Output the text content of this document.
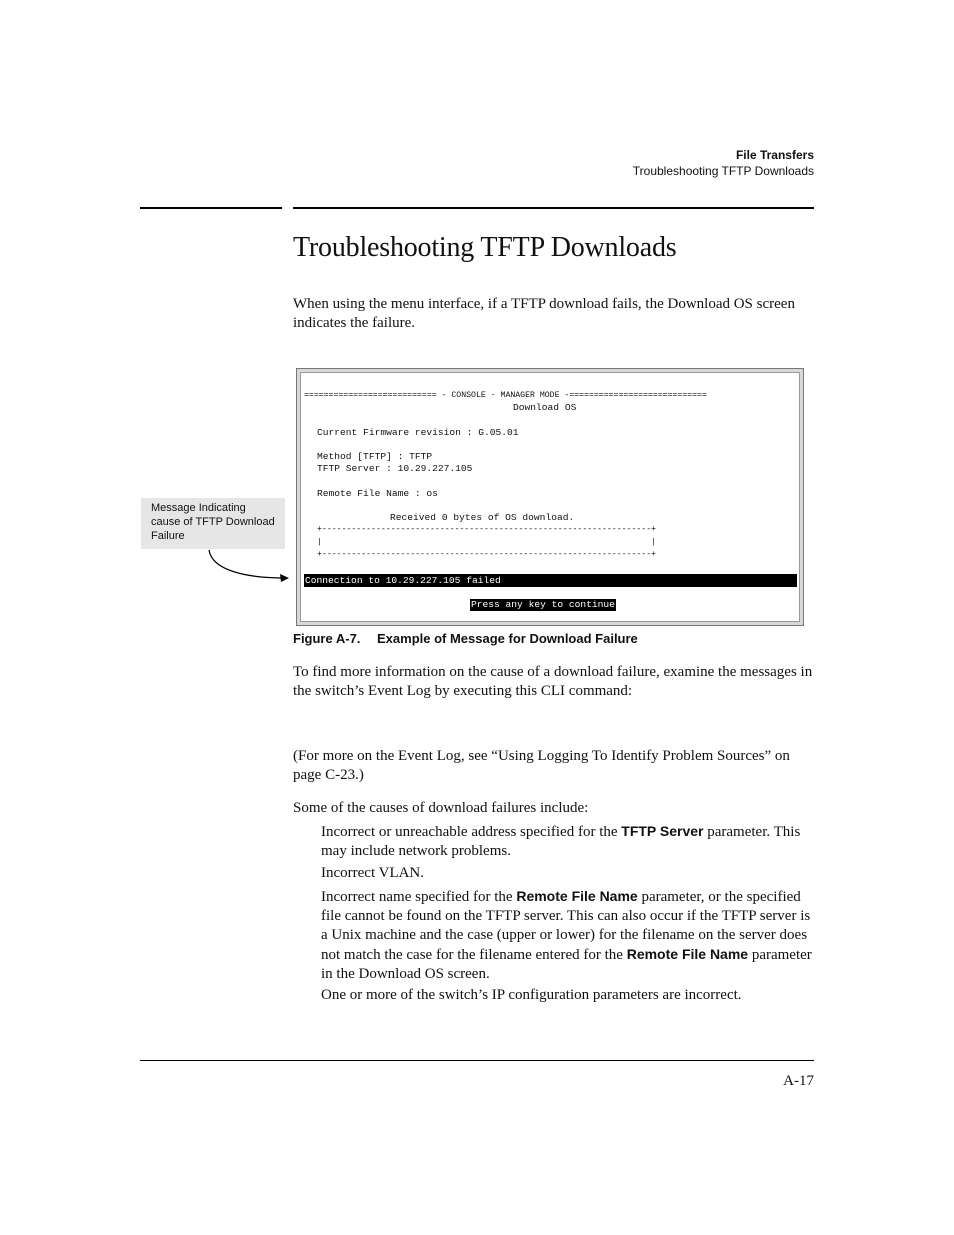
File Transfers
Troubleshooting TFTP Downloads
Troubleshooting TFTP Downloads
When using the menu interface, if a TFTP download fails, the Download OS screen indicates the failure.
Message Indicating cause of TFTP Download Failure
=========================== - CONSOLE - MANAGER MODE -============================
Download OS
Current Firmware revision : G.05.01
Method [TFTP] : TFTP
TFTP Server : 10.29.227.105
Remote File Name : os
Received 0 bytes of OS download.
+-------------------------------------------------------------------+
|                                                                   |
+-------------------------------------------------------------------+
Connection to 10.29.227.105 failed
Press any key to continue
Figure A-7. Example of Message for Download Failure
To find more information on the cause of a download failure, examine the messages in the switch’s Event Log by executing this CLI command:
(For more on the Event Log, see “Using Logging To Identify Problem Sources” on page C-23.)
Some of the causes of download failures include:
Incorrect or unreachable address specified for the TFTP Server parameter. This may include network problems.
Incorrect VLAN.
Incorrect name specified for the Remote File Name parameter, or the specified file cannot be found on the TFTP server. This can also occur if the TFTP server is a Unix machine and the case (upper or lower) for the filename on the server does not match the case for the filename entered for the Remote File Name parameter in the Download OS screen.
One or more of the switch’s IP configuration parameters are incorrect.
A-17
